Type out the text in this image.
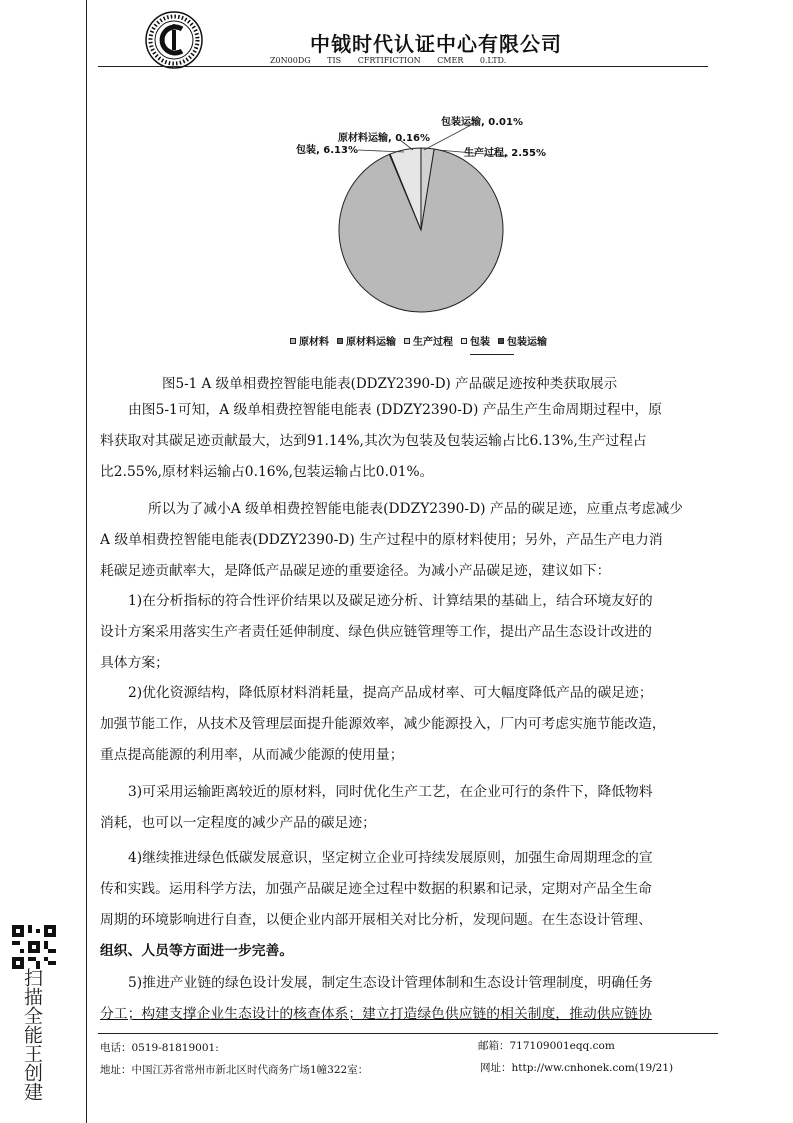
中钺时代认证中心有限公司
Z0N00DG TIS CFRTIFICTION CMER 0.LTD.
包装运输, 0.01%
原材料运输, 0.16%
包装, 6.13%	生产过程, 2.55%
原材料 原材料运输 生产过程 包装 包装运输
图5-1 A 级单相费控智能电能表(DDZY2390-D) 产品碳足迹按种类获取展示
由图5-1可知，A 级单相费控智能电能表 (DDZY2390-D) 产品生产生命周期过程中，原
料获取对其碳足迹贡献最大，达到91.14%,其次为包装及包装运输占比6.13%,生产过程占
比2.55%,原材料运输占0.16%,包装运输占比0.01%。
所以为了减小A 级单相费控智能电能表(DDZY2390-D) 产品的碳足迹，应重点考虑减少
A 级单相费控智能电能表(DDZY2390-D) 生产过程中的原材料使用；另外，产品生产电力消
耗碳足迹贡献率大，是降低产品碳足迹的重要途径。为减小产品碳足迹，建议如下：
1)在分析指标的符合性评价结果以及碳足迹分析、计算结果的基础上，结合环境友好的
设计方案采用落实生产者责任延伸制度、绿色供应链管理等工作，提出产品生态设计改进的
具体方案；
2)优化资源结构，降低原材料消耗量，提高产品成材率、可大幅度降低产品的碳足迹；
加强节能工作，从技术及管理层面提升能源效率，减少能源投入，厂内可考虑实施节能改造，
重点提高能源的利用率，从而减少能源的使用量；
3)可采用运输距离较近的原材料，同时优化生产工艺，在企业可行的条件下，降低物料
消耗，也可以一定程度的减少产品的碳足迹；
4)继续推进绿色低碳发展意识，坚定树立企业可持续发展原则，加强生命周期理念的宣
传和实践。运用科学方法，加强产品碳足迹全过程中数据的积累和记录，定期对产品全生命
周期的环境影响进行自查，以便企业内部开展相关对比分析，发现问题。在生态设计管理、
组织、人员等方面进一步完善。
5)推进产业链的绿色设计发展，制定生态设计管理体制和生态设计管理制度，明确任务
分工；构建支撑企业生态设计的核查体系；建立打造绿色供应链的相关制度，推动供应链协
扫描全能王创建	电话：0519-81819001:	邮箱：717109001eqq.com
地址：中国江苏省常州市新北区时代商务广场1幢322室：	网址：http://ww.cnhonek.com(19/21)
